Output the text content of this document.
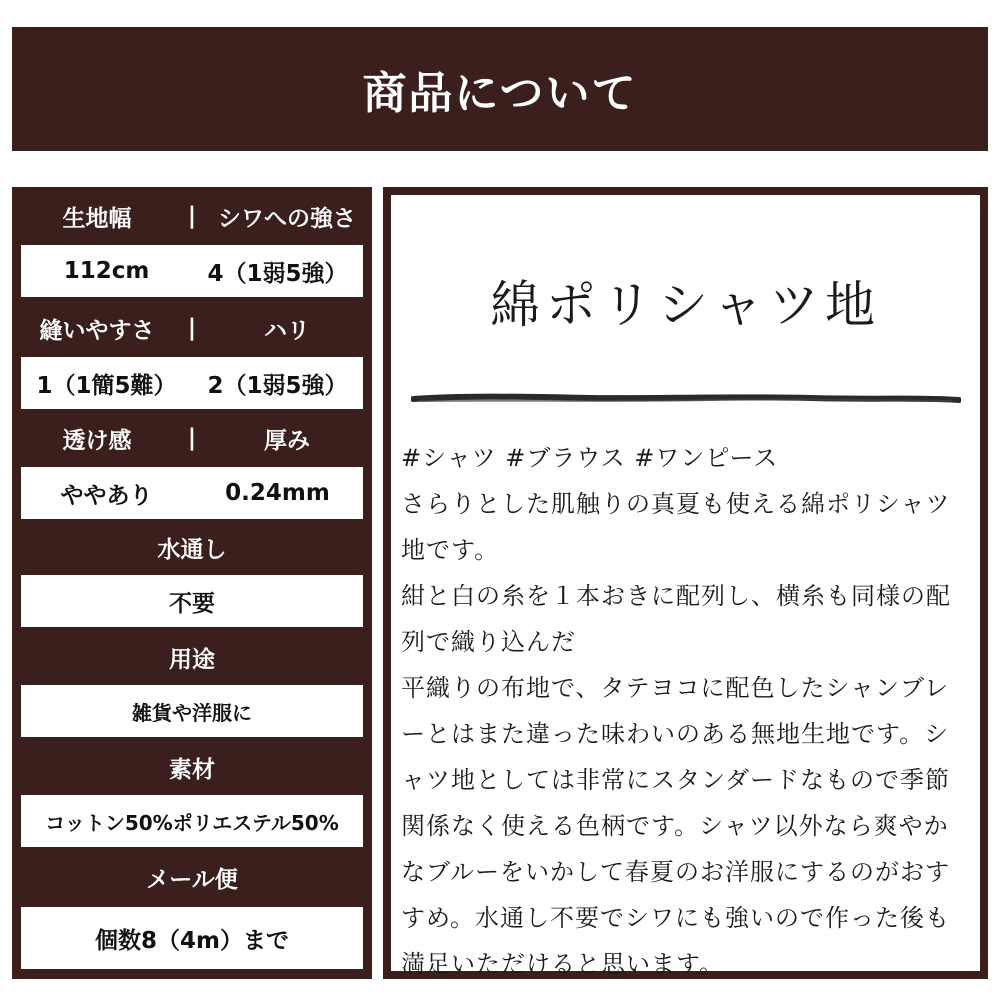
商品について
生地幅	| シワへの強さ
112cm	4（1弱5強）
縫いやすさ	|	ハリ
1（1簡5難）	2（1弱5強）
透け感	|	厚み
ややあり	0.24mm
水通し
不要
用途
雑貨や洋服に
素材
コットン50%ポリエステル50%
メール便
個数8（4m）まで
綿ポリシャツ地

#シャツ #ブラウス #ワンピース

さらりとした肌触りの真夏も使える綿ポリシャツ

地です。

紺と白の糸を１本おきに配列し、横糸も同様の配

列で織り込んだ

平織りの布地で、タテヨコに配色したシャンブレ

ーとはまた違った味わいのある無地生地です。シ

ャツ地としては非常にスタンダードなもので季節

関係なく使える色柄です。シャツ以外なら爽やか

なブルーをいかして春夏のお洋服にするのがおす

すめ。水通し不要でシワにも強いので作った後も

満足いただけると思います。
